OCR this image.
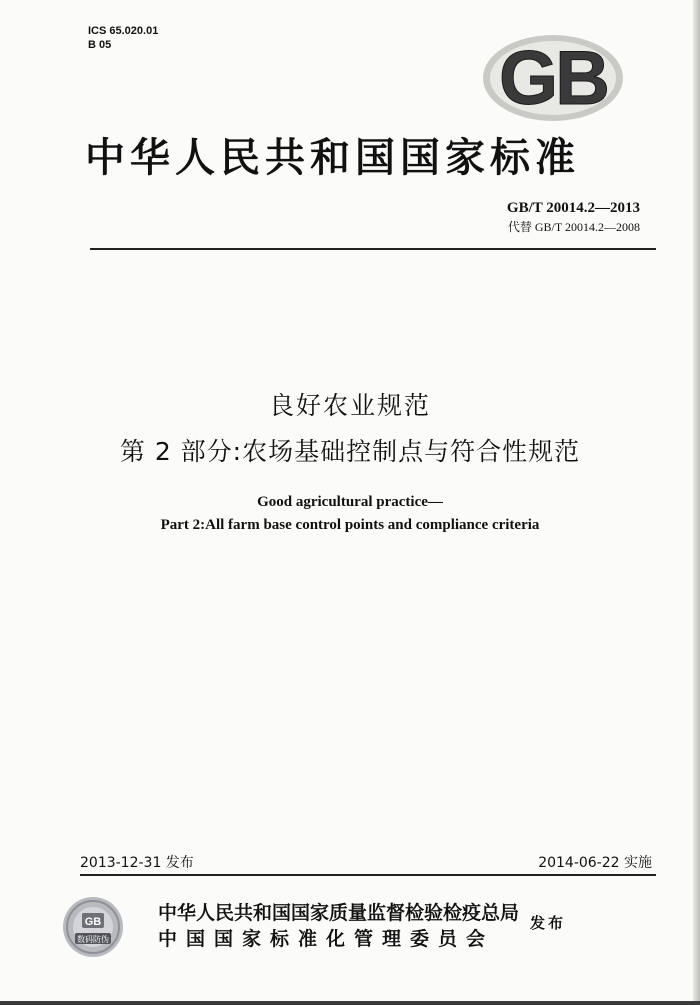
ICS 65.020.01
B 05	GB
中华人民共和国国家标准
GB/T 20014.2—2013
代替 GB/T 20014.2—2008
良好农业规范
第 2 部分:农场基础控制点与符合性规范
Good agricultural practice—
Part 2:All farm base control points and compliance criteria
2013-12-31 发布	2014-06-22 实施
GB
数码防伪
中华人民共和国国家质量监督检验检疫总局
中国国家标准化管理委员会
发布
